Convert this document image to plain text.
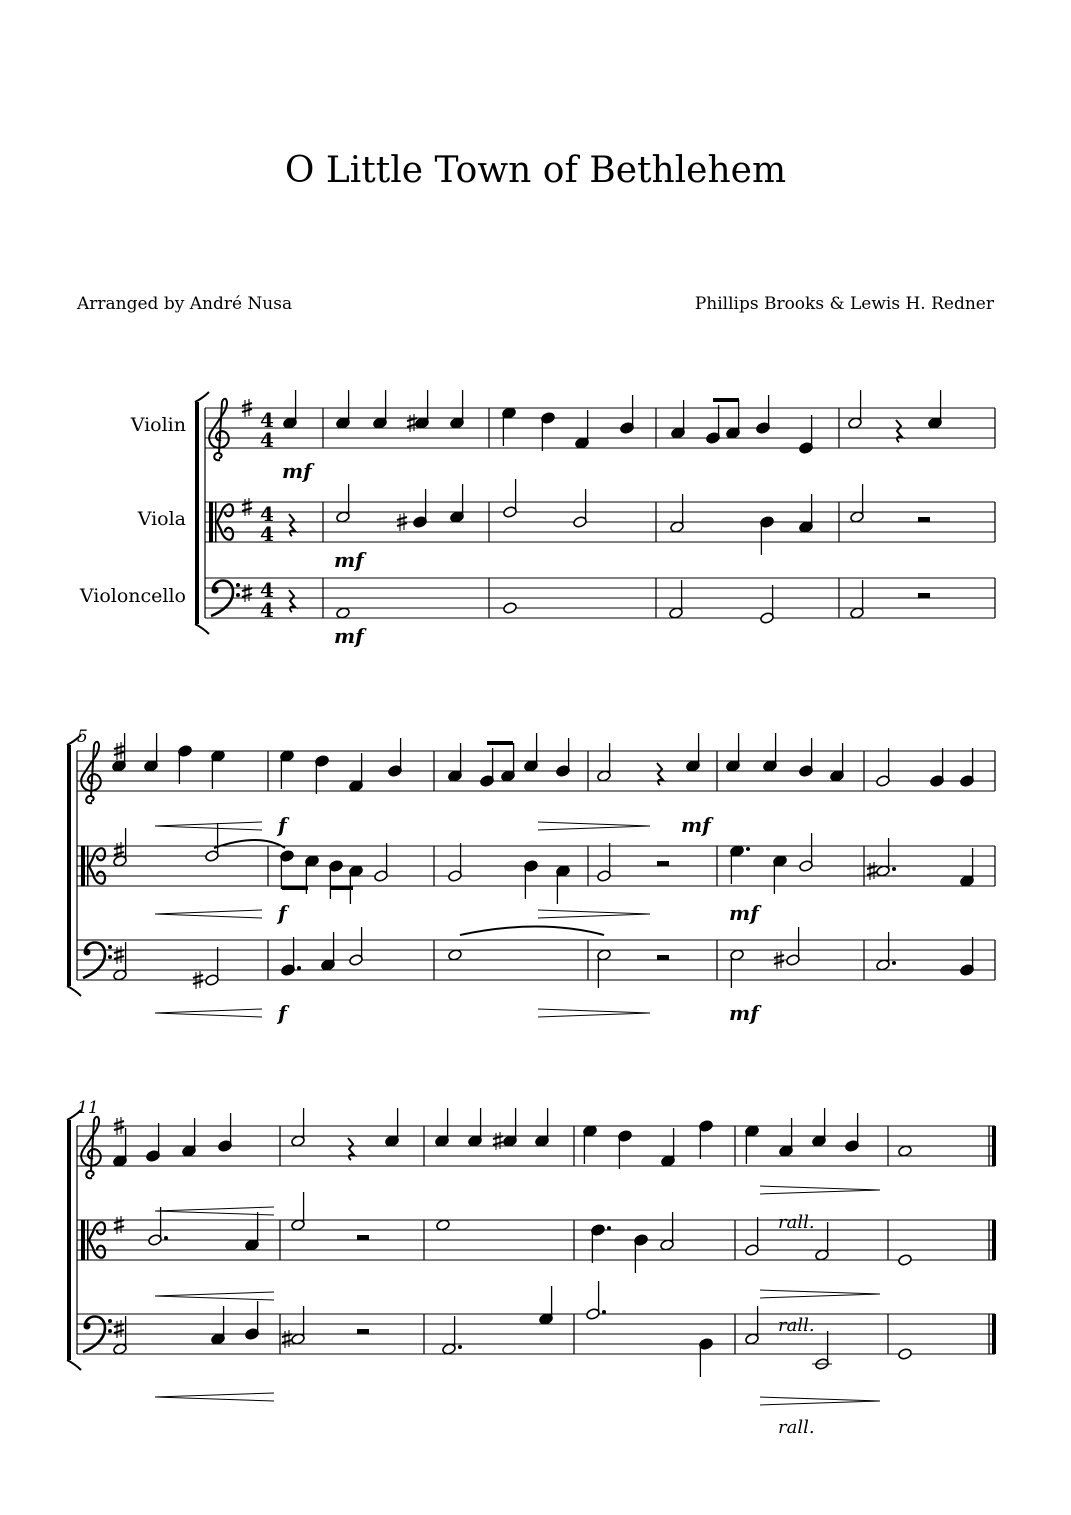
O Little Town of Bethlehem
Arranged by André Nusa	Phillips Brooks & Lewis H. Redner
Violin
Viola
Violoncello
4
4
4
4
4
4
5
11
mf
mf
mf
f	mf
f	mf
f	mf
rall.
rall.
rall.
